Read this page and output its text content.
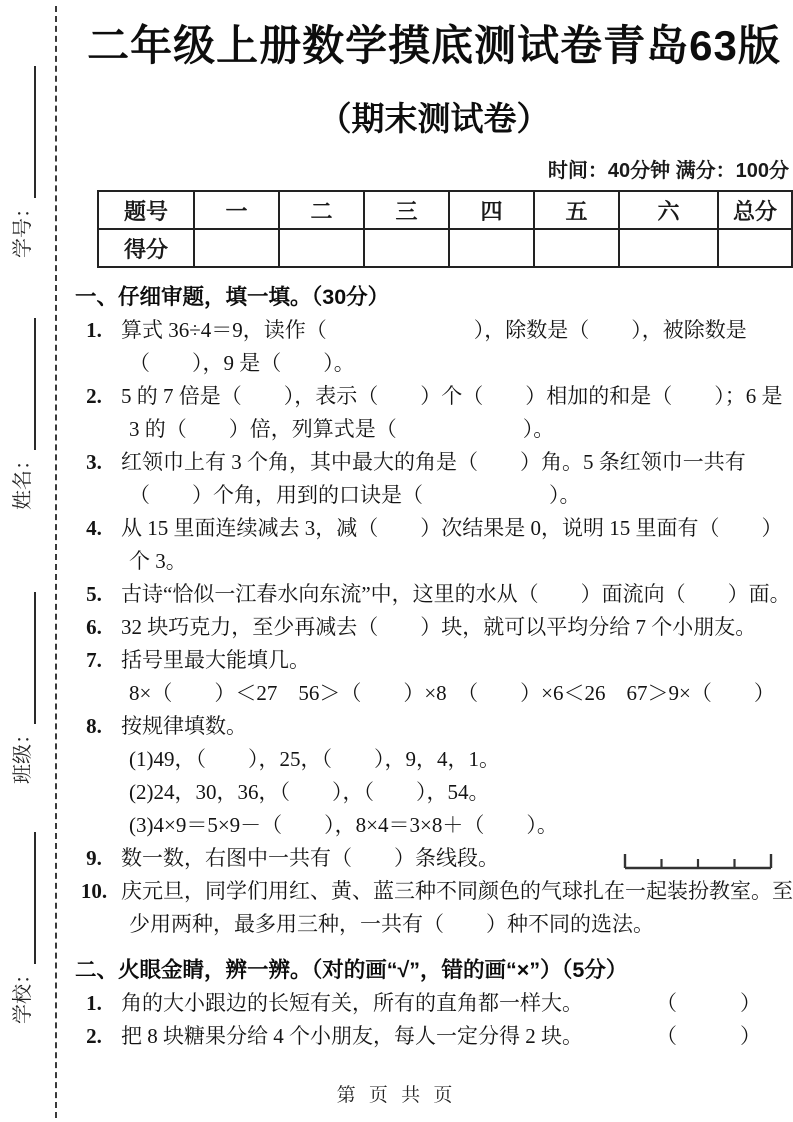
学号：
姓名：
班级：
学校：
二年级上册数学摸底测试卷青岛63版
（期末测试卷）
时间：40分钟 满分：100分
题号	一	二	三	四	五	六	总分
得分							
一、仔细审题，填一填。（30分）
1. 算式 36÷4＝9，读作（　　　　　　　），除数是（　　），被除数是（　　），9 是（　　）。
2. 5 的 7 倍是（　　），表示（　　）个（　　）相加的和是（　　）；6 是 3 的（　　）倍，列算式是（　　　　　　）。
3. 红领巾上有 3 个角，其中最大的角是（　　）角。5 条红领巾一共有（　　）个角，用到的口诀是（　　　　　　）。
4. 从 15 里面连续减去 3，减（　　）次结果是 0，说明 15 里面有（　　）个 3。
5. 古诗“恰似一江春水向东流”中，这里的水从（　　）面流向（　　）面。
6. 32 块巧克力，至少再减去（　　）块，就可以平均分给 7 个小朋友。
7. 括号里最大能填几。
8×（　　）＜27　56＞（　　）×8　（　　）×6＜26　67＞9×（　　）
8. 按规律填数。
(1)49，（　　），25，（　　），9，4，1。
(2)24，30，36，（　　），（　　），54。
(3)4×9＝5×9－（　　），8×4＝3×8＋（　　）。
9. 数一数，右图中一共有（　　）条线段。
10. 庆元旦，同学们用红、黄、蓝三种不同颜色的气球扎在一起装扮教室。至少用两种，最多用三种，一共有（　　）种不同的选法。
二、火眼金睛，辨一辨。（对的画“√”，错的画“×”）（5分）
1. 角的大小跟边的长短有关，所有的直角都一样大。	（　　　）
2. 把 8 块糖果分给 4 个小朋友，每人一定分得 2 块。	（　　　）
第 页 共 页
